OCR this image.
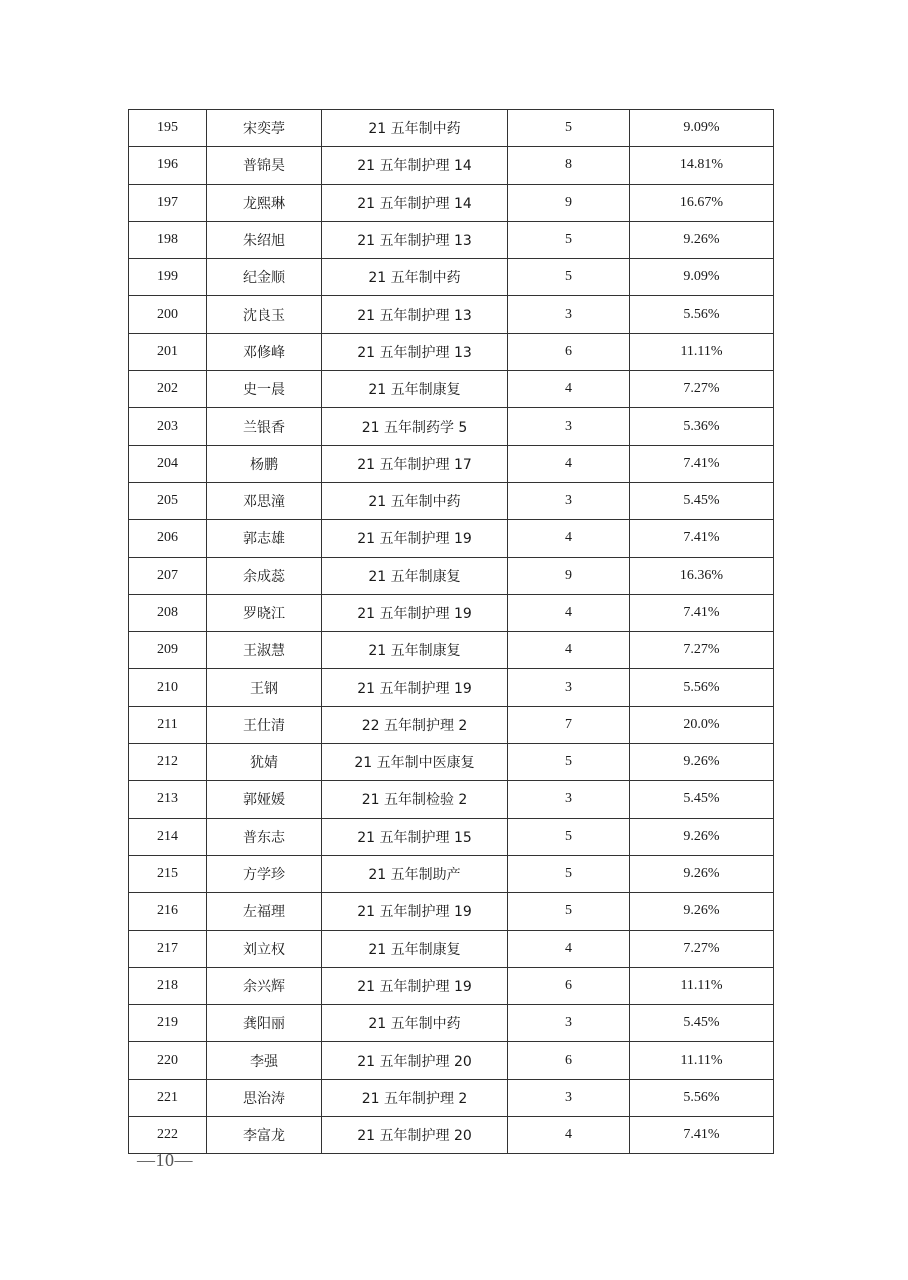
195	宋奕葶	21 五年制中药	5	9.09%
196	普锦昊	21 五年制护理 14	8	14.81%
197	龙熙琳	21 五年制护理 14	9	16.67%
198	朱绍旭	21 五年制护理 13	5	9.26%
199	纪金顺	21 五年制中药	5	9.09%
200	沈良玉	21 五年制护理 13	3	5.56%
201	邓修峰	21 五年制护理 13	6	11.11%
202	史一晨	21 五年制康复	4	7.27%
203	兰银香	21 五年制药学 5	3	5.36%
204	杨鹏	21 五年制护理 17	4	7.41%
205	邓思潼	21 五年制中药	3	5.45%
206	郭志雄	21 五年制护理 19	4	7.41%
207	余成蕊	21 五年制康复	9	16.36%
208	罗晓江	21 五年制护理 19	4	7.41%
209	王淑慧	21 五年制康复	4	7.27%
210	王钢	21 五年制护理 19	3	5.56%
211	王仕清	22 五年制护理 2	7	20.0%
212	犹婧	21 五年制中医康复	5	9.26%
213	郭娅媛	21 五年制检验 2	3	5.45%
214	普东志	21 五年制护理 15	5	9.26%
215	方学珍	21 五年制助产	5	9.26%
216	左福理	21 五年制护理 19	5	9.26%
217	刘立权	21 五年制康复	4	7.27%
218	余兴辉	21 五年制护理 19	6	11.11%
219	龚阳丽	21 五年制中药	3	5.45%
220	李强	21 五年制护理 20	6	11.11%
221	思治涛	21 五年制护理 2	3	5.56%
222	李富龙	21 五年制护理 20	4	7.41%
—10—
